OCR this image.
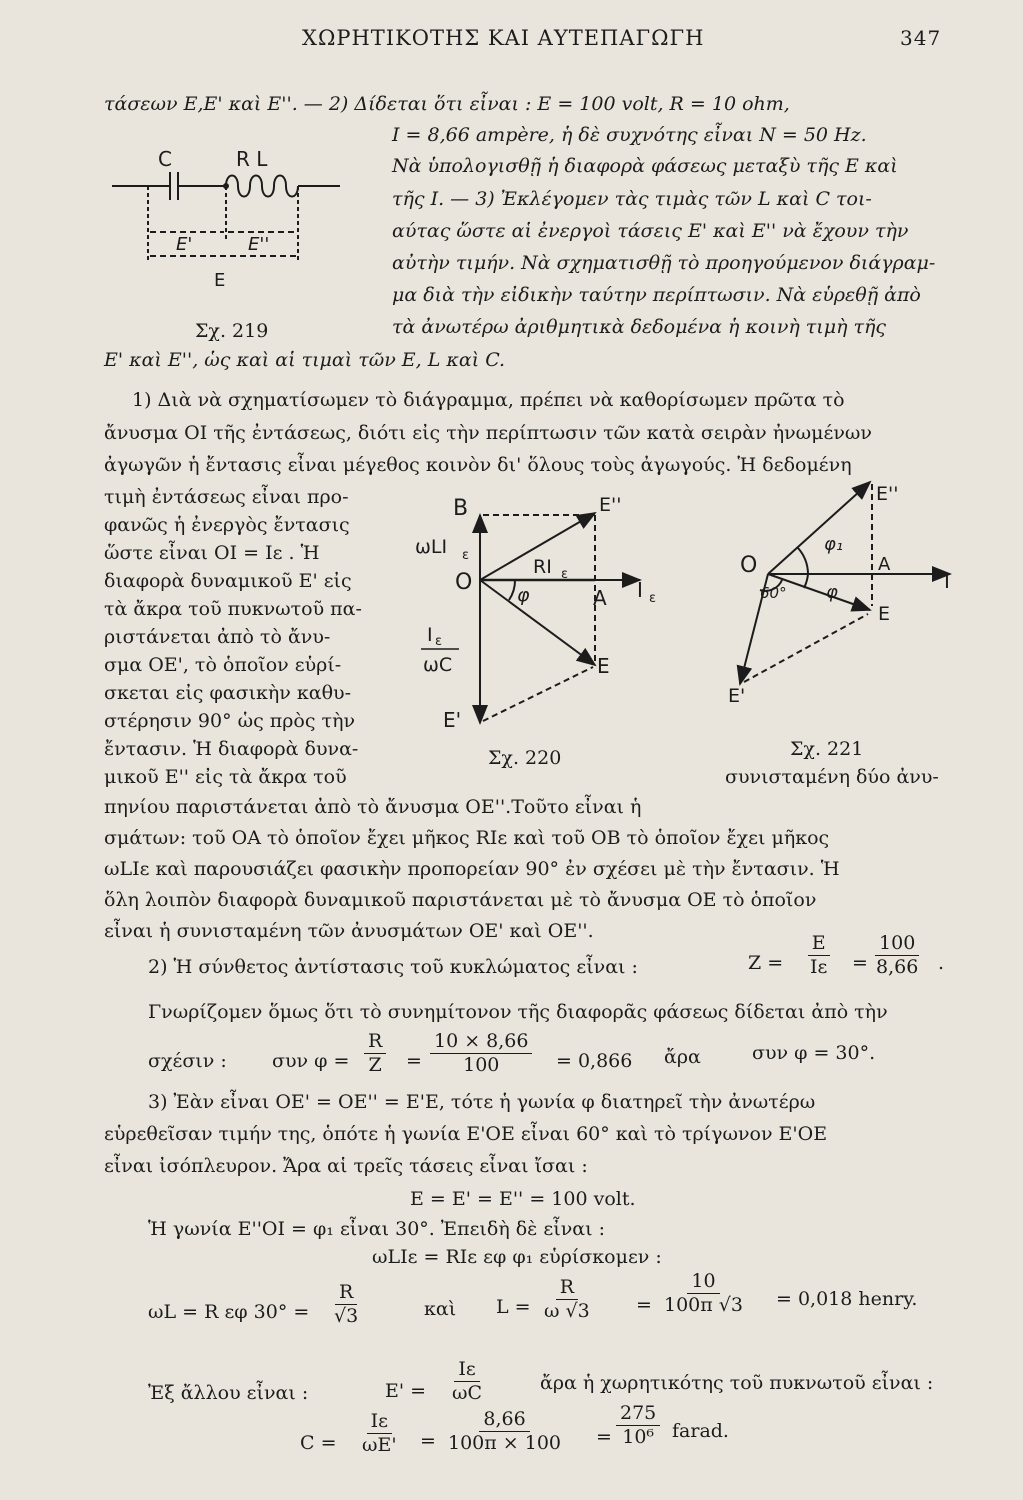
ΧΩΡΗΤΙΚΟΤΗΣ ΚΑΙ ΑΥΤΕΠΑΓΩΓΗ	347
τάσεων Ε,Ε' καὶ Ε''. — 2) Δίδεται ὅτι εἶναι : Ε = 100 volt, R = 10 ohm,
I = 8,66 ampère, ἡ δὲ συχνότης εἶναι N = 50 Hz.
Νὰ ὑπολογισθῇ ἡ διαφορὰ φάσεως μεταξὺ τῆς Ε καὶ
τῆς I. — 3) Ἐκλέγομεν τὰς τιμὰς τῶν L καὶ C τοι-
αύτας ὥστε αἱ ἐνεργοὶ τάσεις Ε' καὶ Ε'' νὰ ἔχουν τὴν
αὐτὴν τιμήν. Νὰ σχηματισθῇ τὸ προηγούμενον διάγραμ-
μα διὰ τὴν εἰδικὴν ταύτην περίπτωσιν. Νὰ εὑρεθῇ ἀπὸ
τὰ ἀνωτέρω ἀριθμητικὰ δεδομένα ἡ κοινὴ τιμὴ τῆς
Ε' καὶ Ε'', ὡς καὶ αἱ τιμαὶ τῶν Ε, L καὶ C.
C	R L
E'	E''
E
Σχ. 219
1) Διὰ νὰ σχηματίσωμεν τὸ διάγραμμα, πρέπει νὰ καθορίσωμεν πρῶτα τὸ
ἄνυσμα ΟΙ τῆς ἐντάσεως, διότι εἰς τὴν περίπτωσιν τῶν κατὰ σειρὰν ἠνωμένων
ἀγωγῶν ἡ ἔντασις εἶναι μέγεθος κοινὸν δι' ὅλους τοὺς ἀγωγούς. Ἡ δεδομένη
τιμὴ ἐντάσεως εἶναι προ-
φανῶς ἡ ἐνεργὸς ἔντασις
ὥστε εἶναι ΟΙ = Iε . Ἡ
διαφορὰ δυναμικοῦ Ε' εἰς
τὰ ἄκρα τοῦ πυκνωτοῦ πα-
ριστάνεται ἀπὸ τὸ ἄνυ-
σμα ΟΕ', τὸ ὁποῖον εὑρί-
σκεται εἰς φασικὴν καθυ-
στέρησιν 90° ὡς πρὸς τὴν
ἔντασιν. Ἡ διαφορὰ δυνα-
μικοῦ Ε'' εἰς τὰ ἄκρα τοῦ	συνισταμένη δύο ἀνυ-
B	E''
ωLI ε
O
RI ε
φ	A I ε
I ε
ωC	E
E'
Σχ. 220
O
E''
φ₁
φ
60°
A
I
E
E'
Σχ. 221
πηνίου παριστάνεται ἀπὸ τὸ ἄνυσμα ΟΕ''.Τοῦτο εἶναι ἡ
σμάτων: τοῦ ΟΑ τὸ ὁποῖον ἔχει μῆκος RIε καὶ τοῦ ΟΒ τὸ ὁποῖον ἔχει μῆκος
ωLIε καὶ παρουσιάζει φασικὴν προπορείαν 90° ἐν σχέσει μὲ τὴν ἔντασιν. Ἡ
ὅλη λοιπὸν διαφορὰ δυναμικοῦ παριστάνεται μὲ τὸ ἄνυσμα ΟΕ τὸ ὁποῖον
εἶναι ἡ συνισταμένη τῶν ἀνυσμάτων ΟΕ' καὶ ΟΕ''.
2) Ἡ σύνθετος ἀντίστασις τοῦ κυκλώματος εἶναι :	$Z = \frac{E}{I\varepsilon} = \frac{100}{8,66}$ .
Γνωρίζομεν ὅμως ὅτι τὸ συνημίτονον τῆς διαφορᾶς φάσεως δίδεται ἀπὸ τὴν
σχέσιν : συν $\varphi = \frac{R}{Z} = \frac{10 \times 8,66}{100} = 0,866$ ἄρα	συν φ = 30°.
3) Ἐὰν εἶναι ΟΕ' = ΟΕ'' = Ε'Ε, τότε ἡ γωνία φ διατηρεῖ τὴν ἀνωτέρω
εὑρεθεῖσαν τιμήν της, ὁπότε ἡ γωνία Ε'ΟΕ εἶναι 60° καὶ τὸ τρίγωνον Ε'ΟΕ
εἶναι ἰσόπλευρον. Ἄρα αἱ τρεῖς τάσεις εἶναι ἴσαι :
E = E' = E'' = 100 volt.
Ἡ γωνία Ε''ΟΙ = φ₁ εἶναι 30°. Ἐπειδὴ δὲ εἶναι :
ωLIε = RIε εφ φ₁ εὑρίσκομεν :
ωL = R εφ $30^\circ = \frac{R}{√3}$	καὶ $L = \frac{R}{\omega √3} = \frac{10}{100\pi √3} = 0,018$ henry.
Ἐξ ἄλλου εἶναι :	$E' = \frac{I\varepsilon}{\omega C}$	ἄρα ἡ χωρητικότης τοῦ πυκνωτοῦ εἶναι :
$C = \frac{I\varepsilon}{\omega E'} = \frac{8,66}{100\pi \times 100} = \frac{275}{\text{10⁶}}$ farad.
